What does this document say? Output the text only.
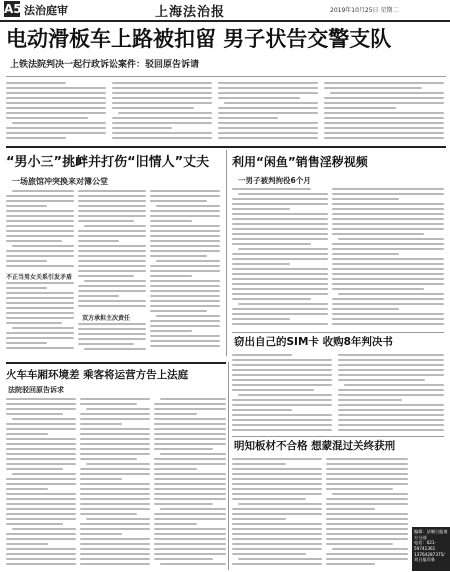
A5 法治庭审	上海法治报	2019年10月25日 星期二
电动滑板车上路被扣留 男子状告交警支队
上铁法院判决一起行政诉讼案件：驳回原告诉请
“男小三”挑衅并打伤“旧情人”丈夫
一场旅馆冲突换来对簿公堂
不正当男女关系引发矛盾
双方承担主次责任
利用“闲鱼”销售淫秽视频
一男子被判拘役6个月
窃出自己的SIM卡 收购8年判决书
火车车厢环境差 乘客将运营方告上法庭
法院驳回原告诉求
明知板材不合格 想蒙混过关终获刑
编辑：法制日报南方分部
电话：021-59741361
13764287375/刘日报印务
